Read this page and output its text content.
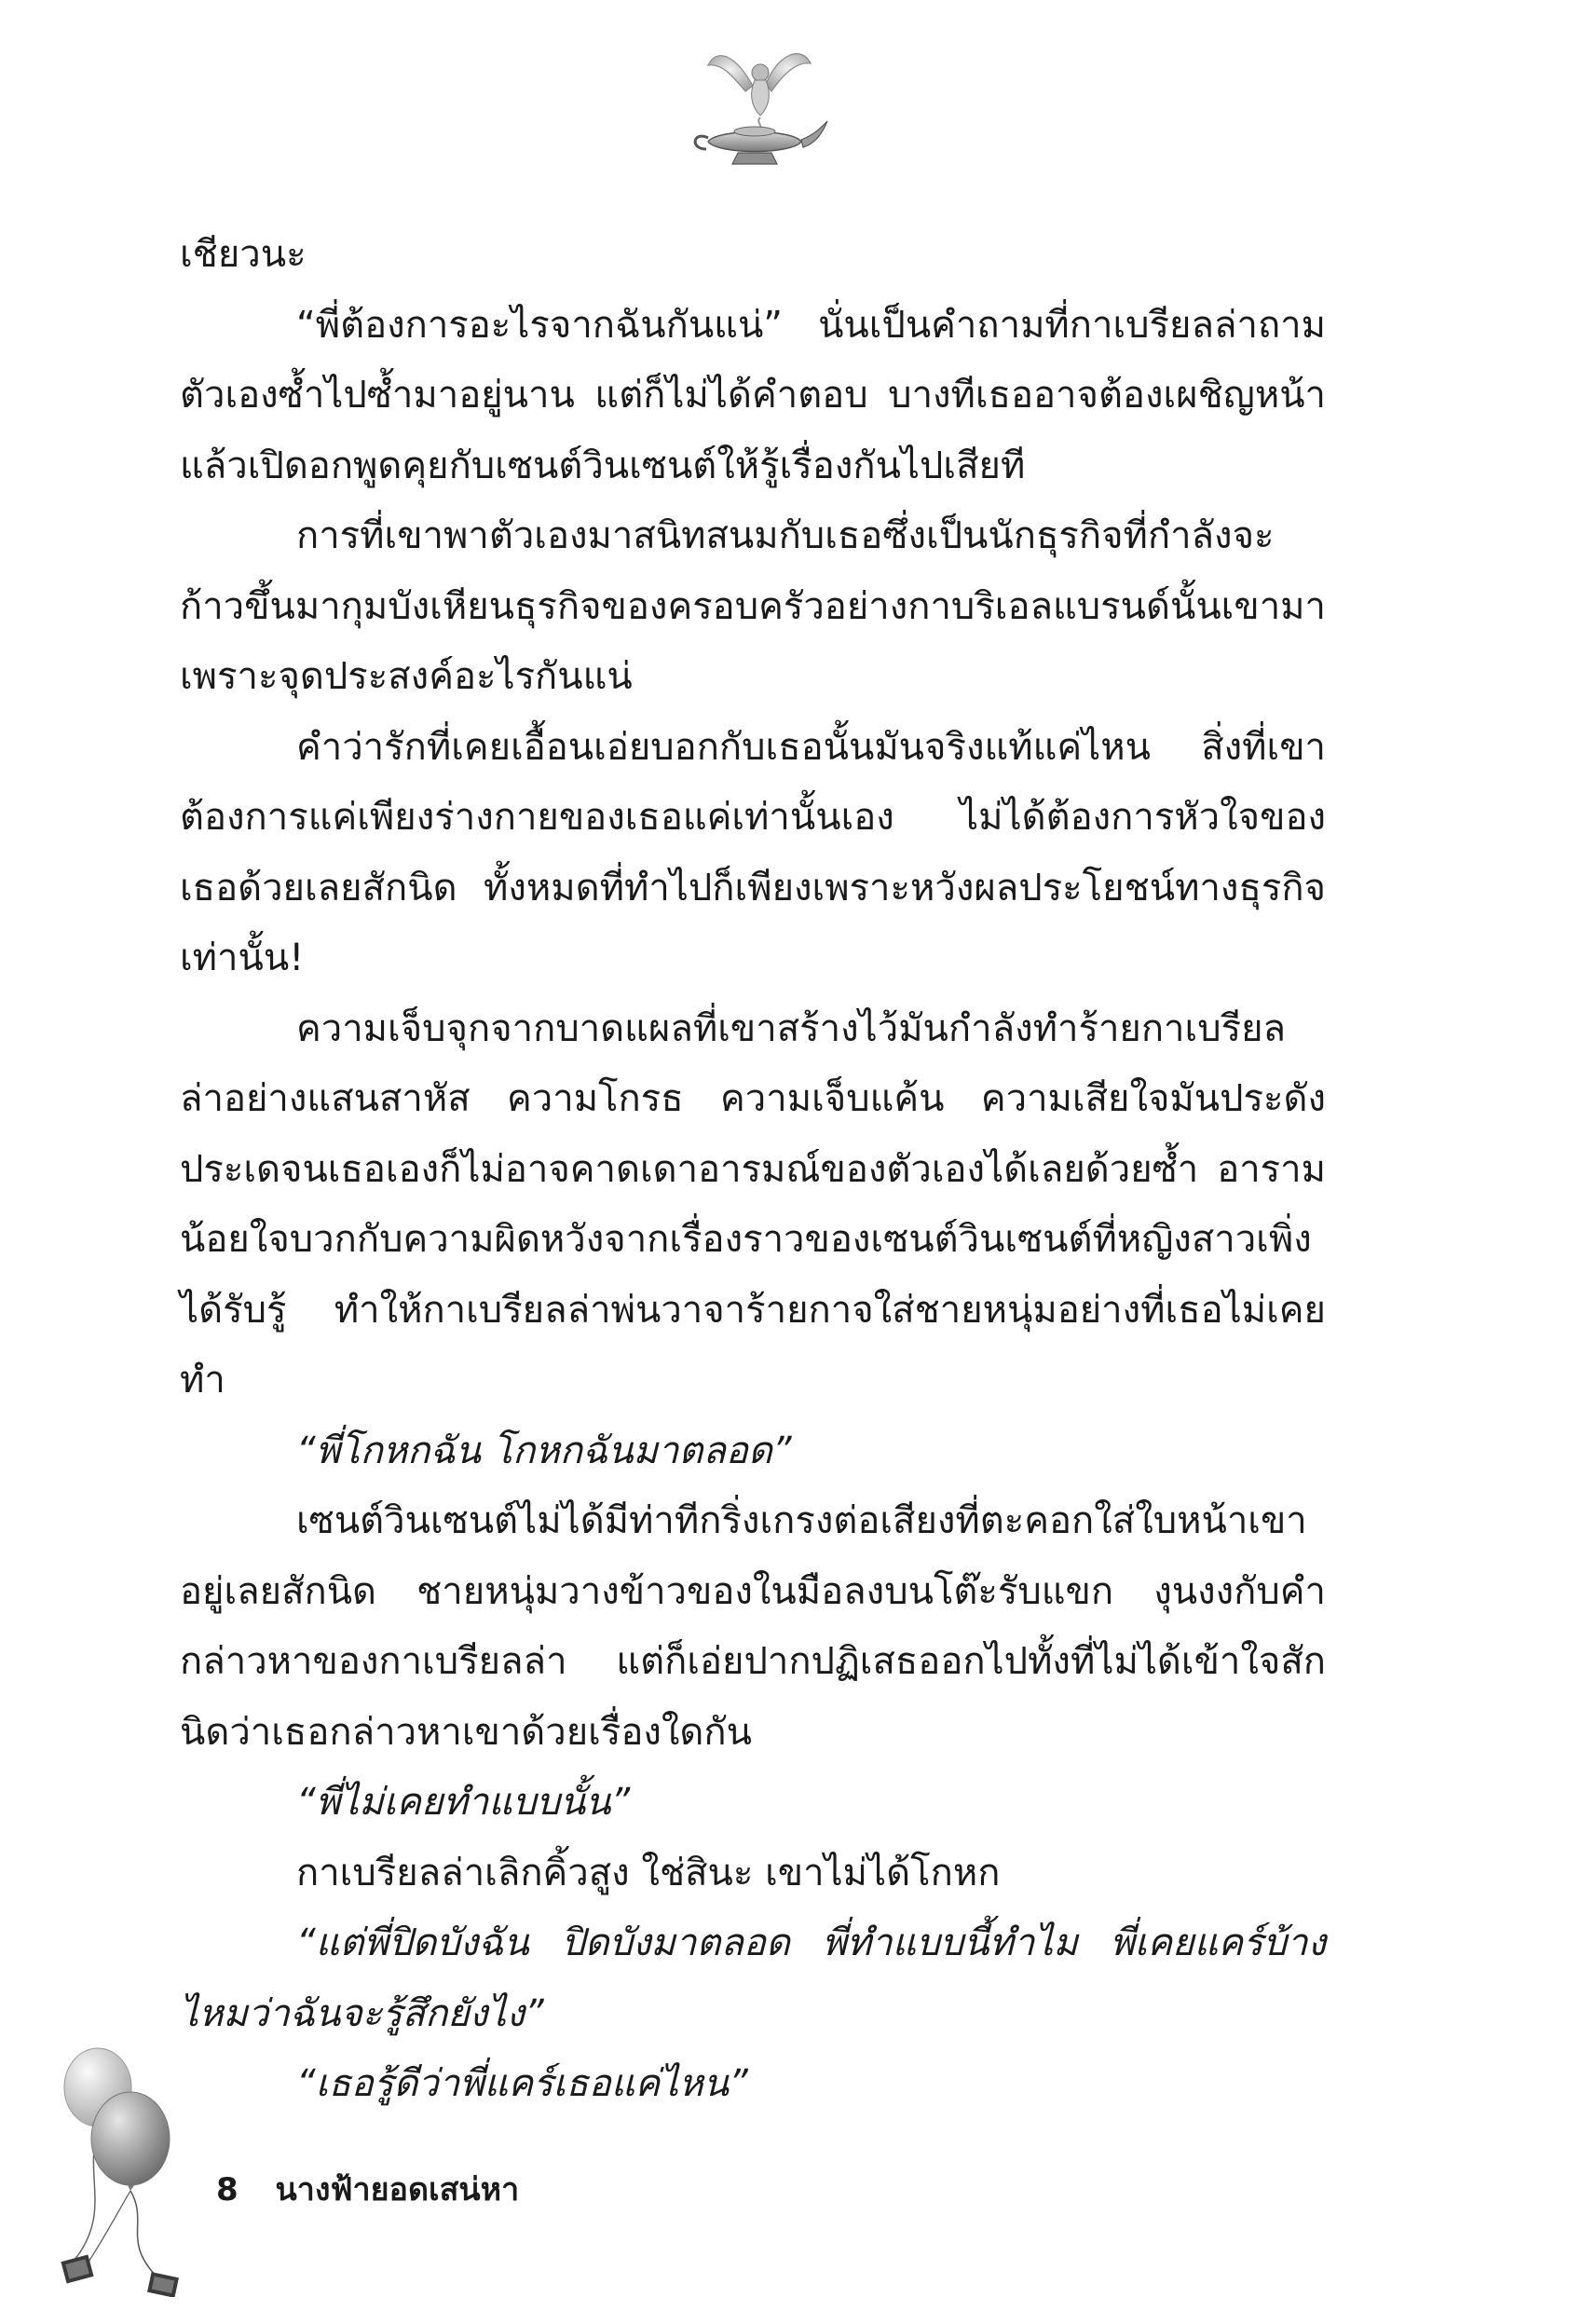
เชียวนะ

“พี่ต้องการอะไรจากฉันกันแน่” นั่นเป็นคำถามที่กาเบรียลล่าถามตัวเองซ้ำไปซ้ำมาอยู่นาน แต่ก็ไม่ได้คำตอบ บางทีเธออาจต้องเผชิญหน้าแล้วเปิดอกพูดคุยกับเซนต์วินเซนต์ให้รู้เรื่องกันไปเสียที

การที่เขาพาตัวเองมาสนิทสนมกับเธอซึ่งเป็นนักธุรกิจที่กำลังจะก้าวขึ้นมากุมบังเหียนธุรกิจของครอบครัวอย่างกาบริเอลแบรนด์นั้นเขามาเพราะจุดประสงค์อะไรกันแน่

คำว่ารักที่เคยเอื้อนเอ่ยบอกกับเธอนั้นมันจริงแท้แค่ไหน สิ่งที่เขาต้องการแค่เพียงร่างกายของเธอแค่เท่านั้นเอง ไม่ได้ต้องการหัวใจของเธอด้วยเลยสักนิด ทั้งหมดที่ทำไปก็เพียงเพราะหวังผลประโยชน์ทางธุรกิจเท่านั้น!

ความเจ็บจุกจากบาดแผลที่เขาสร้างไว้มันกำลังทำร้ายกาเบรียลล่าอย่างแสนสาหัส ความโกรธ ความเจ็บแค้น ความเสียใจมันประดังประเดจนเธอเองก็ไม่อาจคาดเดาอารมณ์ของตัวเองได้เลยด้วยซ้ำ อารามน้อยใจบวกกับความผิดหวังจากเรื่องราวของเซนต์วินเซนต์ที่หญิงสาวเพิ่งได้รับรู้ ทำให้กาเบรียลล่าพ่นวาจาร้ายกาจใส่ชายหนุ่มอย่างที่เธอไม่เคยทำ

“พี่โกหกฉัน โกหกฉันมาตลอด”

เซนต์วินเซนต์ไม่ได้มีท่าทีกริ่งเกรงต่อเสียงที่ตะคอกใส่ใบหน้าเขาอยู่เลยสักนิด ชายหนุ่มวางข้าวของในมือลงบนโต๊ะรับแขก งุนงงกับคำกล่าวหาของกาเบรียลล่า แต่ก็เอ่ยปากปฏิเสธออกไปทั้งที่ไม่ได้เข้าใจสักนิดว่าเธอกล่าวหาเขาด้วยเรื่องใดกัน

“พี่ไม่เคยทำแบบนั้น”

กาเบรียลล่าเลิกคิ้วสูง ใช่สินะ เขาไม่ได้โกหก

“แต่พี่ปิดบังฉัน ปิดบังมาตลอด พี่ทำแบบนี้ทำไม พี่เคยแคร์บ้างไหมว่าฉันจะรู้สึกยังไง”

“เธอรู้ดีว่าพี่แคร์เธอแค่ไหน”

8 นางฟ้ายอดเสน่หา
